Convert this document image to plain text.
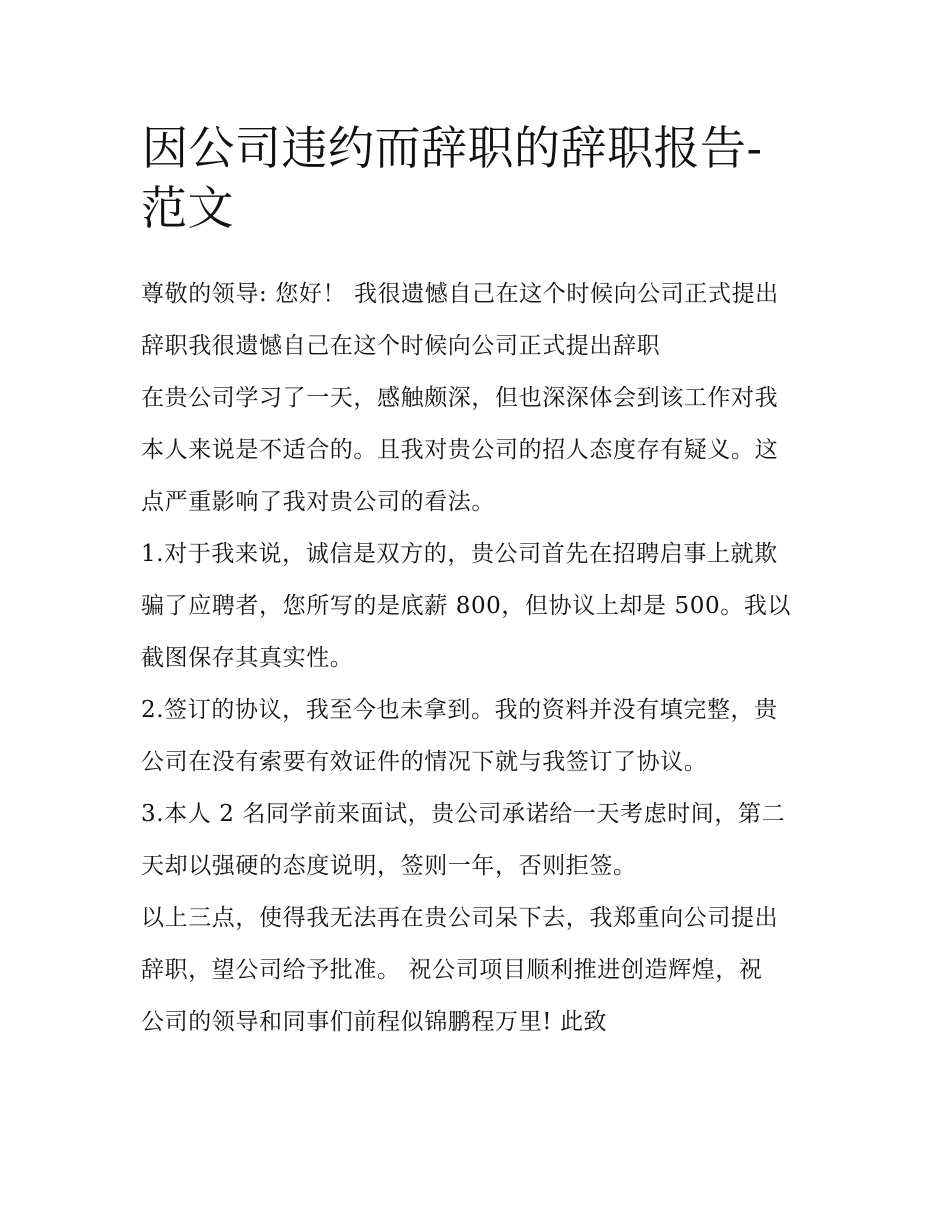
因公司违约而辞职的辞职报告-
范文
尊敬的领导: 您好！ 我很遗憾自己在这个时候向公司正式提出
辞职我很遗憾自己在这个时候向公司正式提出辞职
在贵公司学习了一天，感触颇深，但也深深体会到该工作对我
本人来说是不适合的。且我对贵公司的招人态度存有疑义。这
点严重影响了我对贵公司的看法。
1.对于我来说，诚信是双方的，贵公司首先在招聘启事上就欺
骗了应聘者，您所写的是底薪 800，但协议上却是 500。我以
截图保存其真实性。
2.签订的协议，我至今也未拿到。我的资料并没有填完整，贵
公司在没有索要有效证件的情况下就与我签订了协议。
3.本人 2 名同学前来面试，贵公司承诺给一天考虑时间，第二
天却以强硬的态度说明，签则一年，否则拒签。
以上三点，使得我无法再在贵公司呆下去，我郑重向公司提出
辞职，望公司给予批准。 祝公司项目顺利推进创造辉煌，祝
公司的领导和同事们前程似锦鹏程万里! 此致
